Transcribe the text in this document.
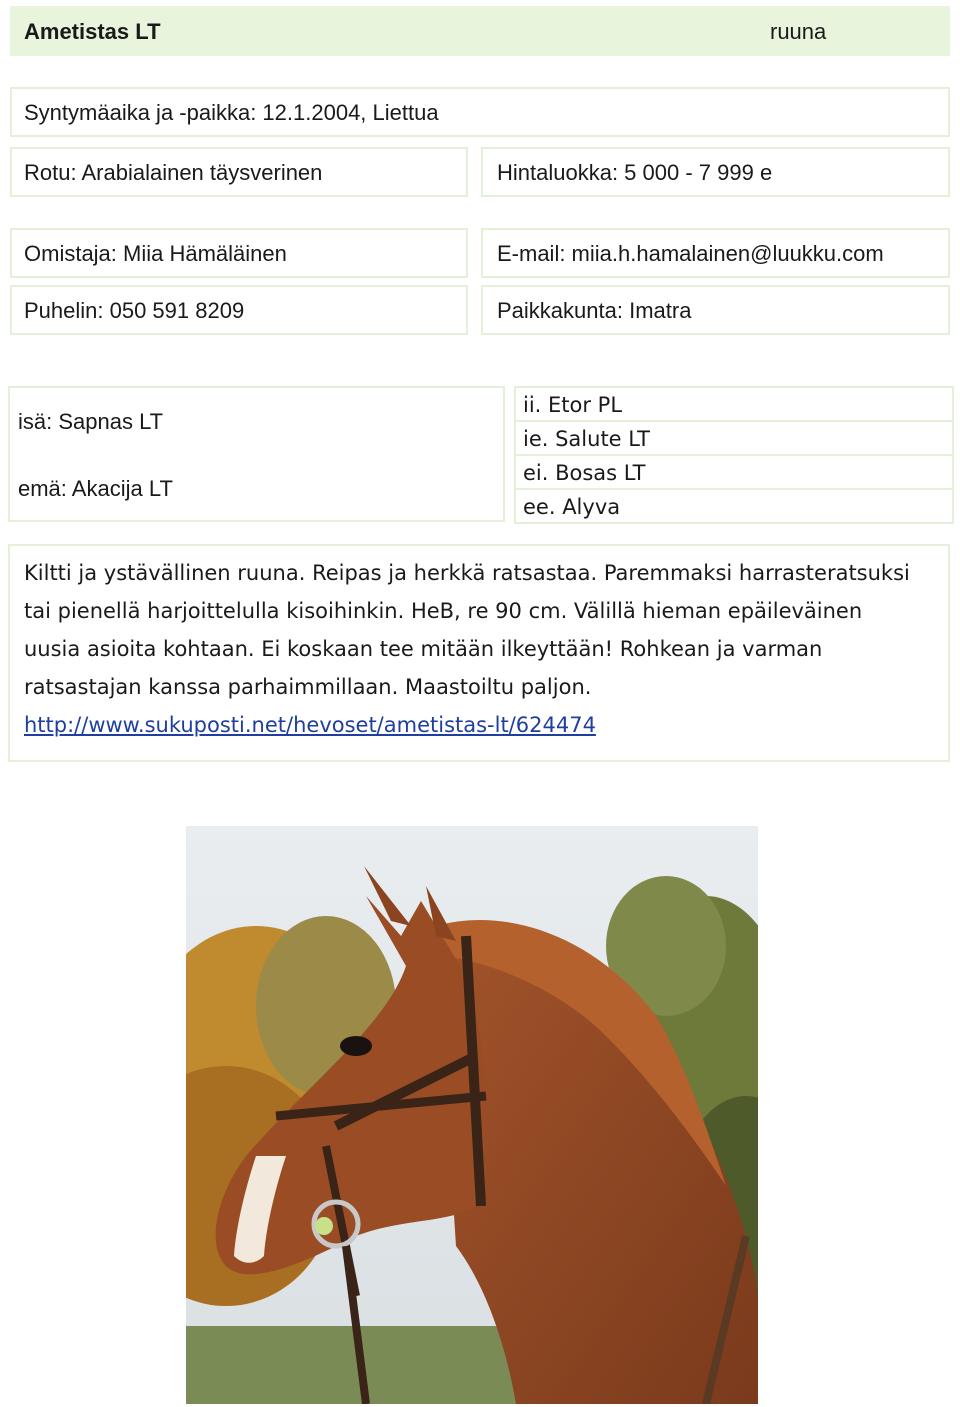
Ametistas LT	ruuna
Syntymäaika ja -paikka: 12.1.2004, Liettua
Rotu: Arabialainen täysverinen	Hintaluokka: 5 000 - 7 999 e
Omistaja: Miia Hämäläinen	E-mail: miia.h.hamalainen@luukku.com
Puhelin: 050 591 8209	Paikkakunta: Imatra
isä: Sapnas LT
emä: Akacija LT
ii. Etor PL
ie. Salute LT
ei. Bosas LT
ee. Alyva
Kiltti ja ystävällinen ruuna. Reipas ja herkkä ratsastaa. Paremmaksi harrasteratsuksi
tai pienellä harjoittelulla kisoihinkin. HeB, re 90 cm. Välillä hieman epäileväinen
uusia asioita kohtaan. Ei koskaan tee mitään ilkeyttään! Rohkean ja varman
ratsastajan kanssa parhaimmillaan. Maastoiltu paljon.
http://www.sukuposti.net/hevoset/ametistas-lt/624474
